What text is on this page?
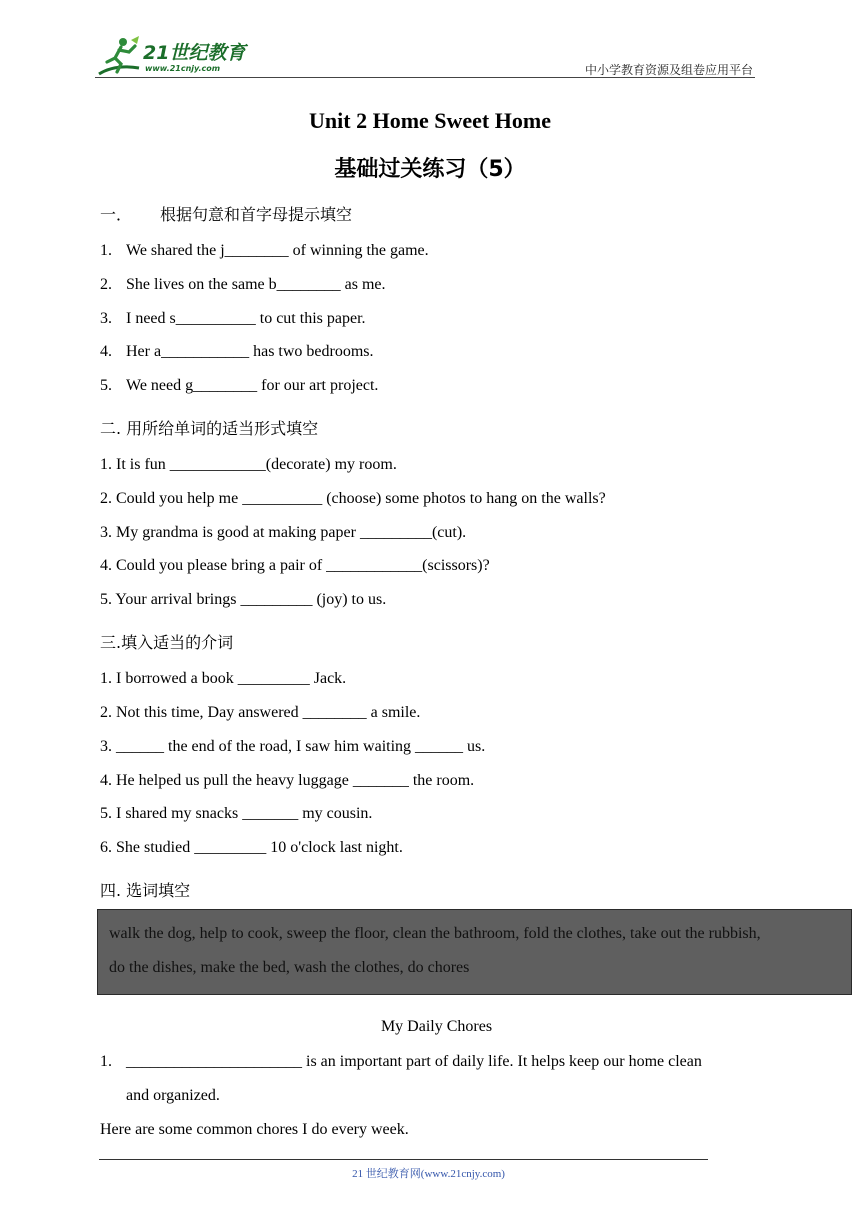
21世纪教育
www.21cnjy.com	中小学教育资源及组卷应用平台
Unit 2 Home Sweet Home
基础过关练习（5）
一． 根据句意和首字母提示填空
1. We shared the j________ of winning the game.
2. She lives on the same b________ as me.
3. I need s__________ to cut this paper.
4. Her a___________ has two bedrooms.
5. We need g________ for our art project.
二. 用所给单词的适当形式填空
1. It is fun ____________(decorate) my room.
2. Could you help me __________ (choose) some photos to hang on the walls?
3. My grandma is good at making paper _________(cut).
4. Could you please bring a pair of ____________(scissors)?
5. Your arrival brings _________ (joy) to us.
三.填入适当的介词
1. I borrowed a book _________ Jack.
2. Not this time, Day answered ________ a smile.
3. ______ the end of the road, I saw him waiting ______ us.
4. He helped us pull the heavy luggage _______ the room.
5. I shared my snacks _______ my cousin.
6. She studied _________ 10 o'clock last night.
四. 选词填空
walk the dog, help to cook, sweep the floor, clean the bathroom, fold the clothes, take out the rubbish,
do the dishes, make the bed, wash the clothes, do chores
My Daily Chores
1. ______________________ is an important part of daily life. It helps keep our home clean
and organized.
Here are some common chores I do every week.
21 世纪教育网(www.21cnjy.com)
